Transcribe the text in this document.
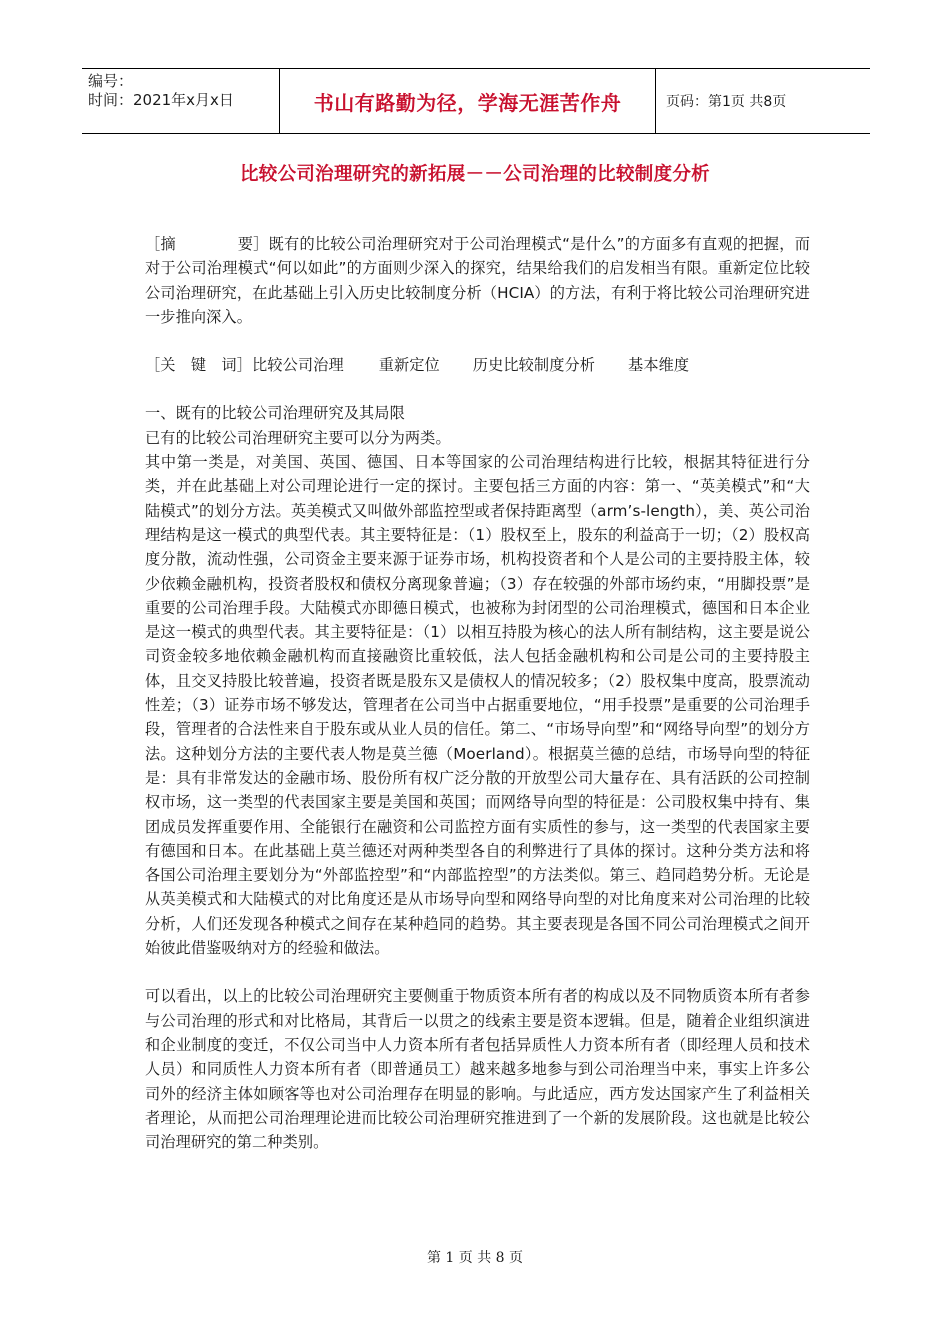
编号：
时间：2021年x月x日	书山有路勤为径，学海无涯苦作舟	页码：第1页 共8页
比较公司治理研究的新拓展－－公司治理的比较制度分析

［摘　　　　要］既有的比较公司治理研究对于公司治理模式“是什么”的方面多有直观的把握，而对于公司治理模式“何以如此”的方面则少深入的探究，结果给我们的启发相当有限。重新定位比较公司治理研究，在此基础上引入历史比较制度分析（HCIA）的方法，有利于将比较公司治理研究进一步推向深入。

［关　键　词］比较公司治理 重新定位 历史比较制度分析 基本维度

一、既有的比较公司治理研究及其局限

已有的比较公司治理研究主要可以分为两类。

其中第一类是，对美国、英国、德国、日本等国家的公司治理结构进行比较，根据其特征进行分类，并在此基础上对公司理论进行一定的探讨。主要包括三方面的内容：第一、“英美模式”和“大陆模式”的划分方法。英美模式又叫做外部监控型或者保持距离型（arm’s-length），美、英公司治理结构是这一模式的典型代表。其主要特征是：（1）股权至上，股东的利益高于一切；（2）股权高度分散，流动性强，公司资金主要来源于证券市场，机构投资者和个人是公司的主要持股主体，较少依赖金融机构，投资者股权和债权分离现象普遍；（3）存在较强的外部市场约束，“用脚投票”是重要的公司治理手段。大陆模式亦即德日模式，也被称为封闭型的公司治理模式，德国和日本企业是这一模式的典型代表。其主要特征是：（1）以相互持股为核心的法人所有制结构，这主要是说公司资金较多地依赖金融机构而直接融资比重较低，法人包括金融机构和公司是公司的主要持股主体，且交叉持股比较普遍，投资者既是股东又是债权人的情况较多；（2）股权集中度高，股票流动性差；（3）证券市场不够发达，管理者在公司当中占据重要地位，“用手投票”是重要的公司治理手段，管理者的合法性来自于股东或从业人员的信任。第二、“市场导向型”和“网络导向型”的划分方法。这种划分方法的主要代表人物是莫兰德（Moerland）。根据莫兰德的总结，市场导向型的特征是：具有非常发达的金融市场、股份所有权广泛分散的开放型公司大量存在、具有活跃的公司控制权市场，这一类型的代表国家主要是美国和英国；而网络导向型的特征是：公司股权集中持有、集团成员发挥重要作用、全能银行在融资和公司监控方面有实质性的参与，这一类型的代表国家主要有德国和日本。在此基础上莫兰德还对两种类型各自的利弊进行了具体的探讨。这种分类方法和将各国公司治理主要划分为“外部监控型”和“内部监控型”的方法类似。第三、趋同趋势分析。无论是从英美模式和大陆模式的对比角度还是从市场导向型和网络导向型的对比角度来对公司治理的比较分析，人们还发现各种模式之间存在某种趋同的趋势。其主要表现是各国不同公司治理模式之间开始彼此借鉴吸纳对方的经验和做法。

可以看出，以上的比较公司治理研究主要侧重于物质资本所有者的构成以及不同物质资本所有者参与公司治理的形式和对比格局，其背后一以贯之的线索主要是资本逻辑。但是，随着企业组织演进和企业制度的变迁，不仅公司当中人力资本所有者包括异质性人力资本所有者（即经理人员和技术人员）和同质性人力资本所有者（即普通员工）越来越多地参与到公司治理当中来，事实上许多公司外的经济主体如顾客等也对公司治理存在明显的影响。与此适应，西方发达国家产生了利益相关者理论，从而把公司治理理论进而比较公司治理研究推进到了一个新的发展阶段。这也就是比较公司治理研究的第二种类别。

第 1 页 共 8 页
